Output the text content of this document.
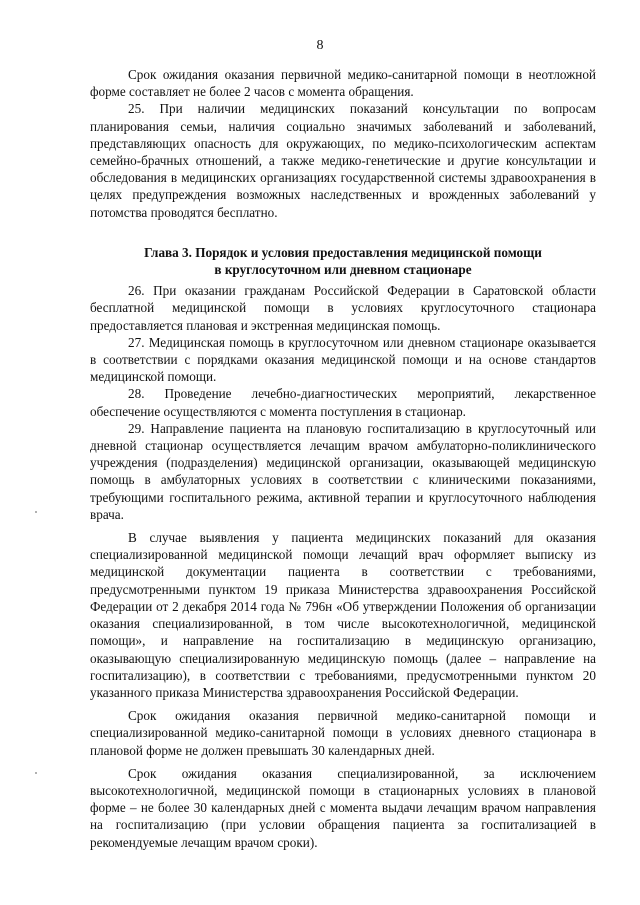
8

Срок ожидания оказания первичной медико-санитарной помощи в неотложной форме составляет не более 2 часов с момента обращения.

25. При наличии медицинских показаний консультации по вопросам планирования семьи, наличия социально значимых заболеваний и заболеваний, представляющих опасность для окружающих, по медико-психологическим аспектам семейно-брачных отношений, а также медико-генетические и другие консультации и обследования в медицинских организациях государственной системы здравоохранения в целях предупреждения возможных наследственных и врожденных заболеваний у потомства проводятся бесплатно.

Глава 3. Порядок и условия предоставления медицинской помощи
в круглосуточном или дневном стационаре

26. При оказании гражданам Российской Федерации в Саратовской области бесплатной медицинской помощи в условиях круглосуточного стационара предоставляется плановая и экстренная медицинская помощь.

27. Медицинская помощь в круглосуточном или дневном стационаре оказывается в соответствии с порядками оказания медицинской помощи и на основе стандартов медицинской помощи.

28. Проведение лечебно-диагностических мероприятий, лекарственное обеспечение осуществляются с момента поступления в стационар.

29. Направление пациента на плановую госпитализацию в круглосуточный или дневной стационар осуществляется лечащим врачом амбулаторно-поликлинического учреждения (подразделения) медицинской организации, оказывающей медицинскую помощь в амбулаторных условиях в соответствии с клиническими показаниями, требующими госпитального режима, активной терапии и круглосуточного наблюдения врача.

В случае выявления у пациента медицинских показаний для оказания специализированной медицинской помощи лечащий врач оформляет выписку из медицинской документации пациента в соответствии с требованиями, предусмотренными пунктом 19 приказа Министерства здравоохранения Российской Федерации от 2 декабря 2014 года № 796н «Об утверждении Положения об организации оказания специализированной, в том числе высокотехнологичной, медицинской помощи», и направление на госпитализацию в медицинскую организацию, оказывающую специализированную медицинскую помощь (далее – направление на госпитализацию), в соответствии с требованиями, предусмотренными пунктом 20 указанного приказа Министерства здравоохранения Российской Федерации.

Срок ожидания оказания первичной медико-санитарной помощи и специализированной медико-санитарной помощи в условиях дневного стационара в плановой форме не должен превышать 30 календарных дней.

Срок ожидания оказания специализированной, за исключением высокотехнологичной, медицинской помощи в стационарных условиях в плановой форме – не более 30 календарных дней с момента выдачи лечащим врачом направления на госпитализацию (при условии обращения пациента за госпитализацией в рекомендуемые лечащим врачом сроки).
